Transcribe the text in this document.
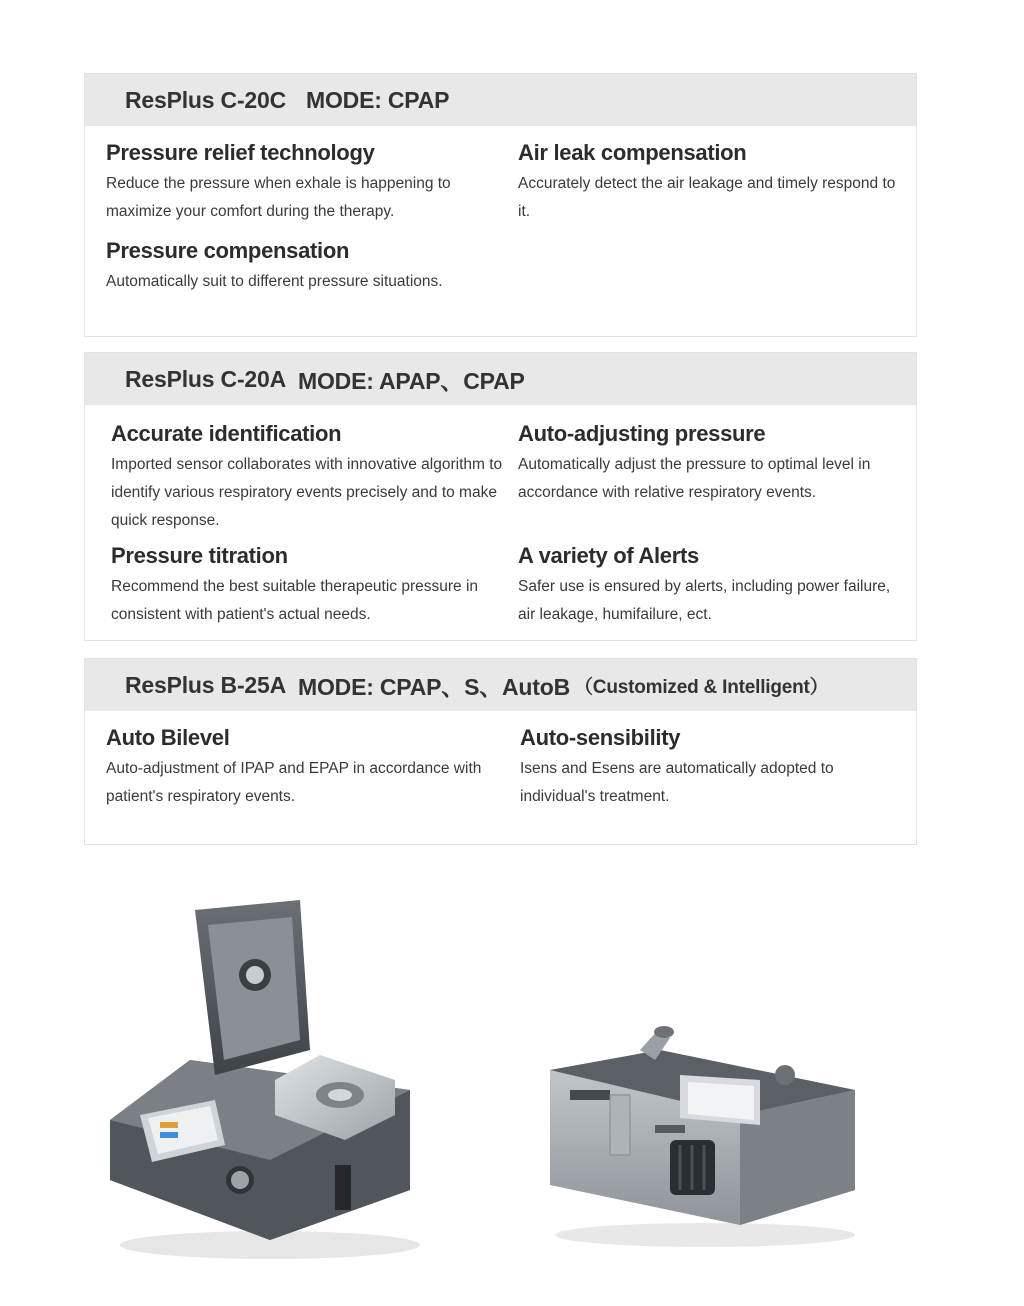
ResPlus C-20C MODE: CPAP
Pressure relief technology

Reduce the pressure when exhale is happening to maximize your comfort during the therapy.

Pressure compensation

Automatically suit to different pressure situations.

Air leak compensation

Accurately detect the air leakage and timely respond to it.

ResPlus C-20A MODE: APAP、CPAP
Accurate identification

Imported sensor collaborates with innovative algorithm to identify various respiratory events precisely and to make quick response.

Pressure titration

Recommend the best suitable therapeutic pressure in consistent with patient's actual needs.

Auto-adjusting pressure

Automatically adjust the pressure to optimal level in accordance with relative respiratory events.

A variety of Alerts

Safer use is ensured by alerts, including power failure, air leakage, humifailure, ect.

ResPlus B-25A MODE: CPAP、S、AutoB （Customized & Intelligent）
Auto Bilevel

Auto-adjustment of IPAP and EPAP in accordance with patient's respiratory events.

Auto-sensibility

Isens and Esens are automatically adopted to individual's treatment.
